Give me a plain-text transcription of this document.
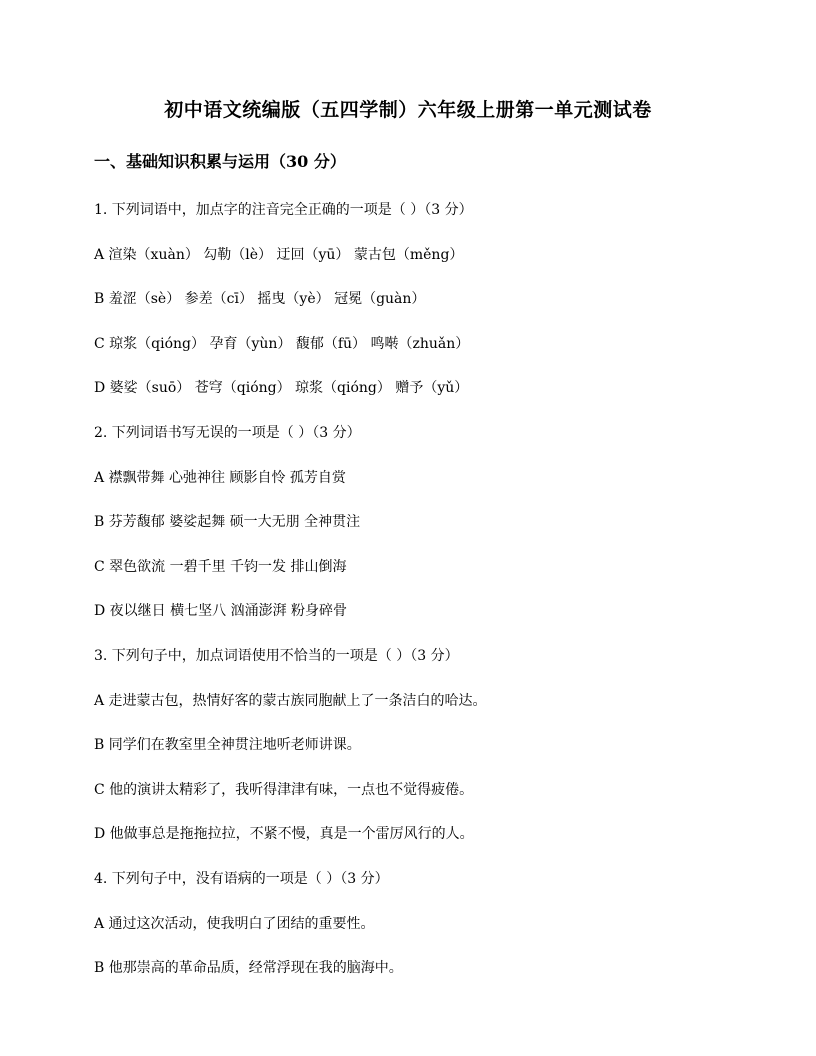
初中语文统编版（五四学制）六年级上册第一单元测试卷
一、基础知识积累与运用（30 分）
1. 下列词语中，加点字的注音完全正确的一项是（ ）（3 分）
A 渲染（xuàn） 勾勒（lè） 迂回（yū） 蒙古包（měng）
B 羞涩（sè） 参差（cī） 摇曳（yè） 冠冕（guàn）
C 琼浆（qióng） 孕育（yùn） 馥郁（fū） 鸣啭（zhuǎn）
D 婆娑（suō） 苍穹（qióng） 琼浆（qióng） 赠予（yǔ）
2. 下列词语书写无误的一项是（ ）（3 分）
A 襟飘带舞 心弛神往 顾影自怜 孤芳自赏
B 芬芳馥郁 婆娑起舞 硕一大无朋 全神贯注
C 翠色欲流 一碧千里 千钧一发 排山倒海
D 夜以继日 横七坚八 汹涌澎湃 粉身碎骨
3. 下列句子中，加点词语使用不恰当的一项是（ ）（3 分）
A 走进蒙古包，热情好客的蒙古族同胞献上了一条洁白的哈达。
B 同学们在教室里全神贯注地听老师讲课。
C 他的演讲太精彩了，我听得津津有味，一点也不觉得疲倦。
D 他做事总是拖拖拉拉，不紧不慢，真是一个雷厉风行的人。
4. 下列句子中，没有语病的一项是（ ）（3 分）
A 通过这次活动，使我明白了团结的重要性。
B 他那崇高的革命品质，经常浮现在我的脑海中。
